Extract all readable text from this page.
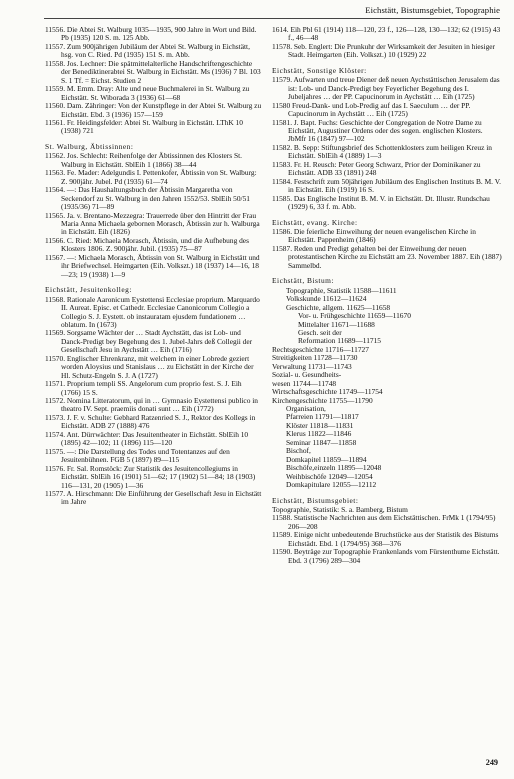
Eichstätt, Bistumsgebiet, Topographie

11556. Die Abtei St. Walburg 1035—1935, 900 Jahre in Wort und Bild. Pb (1935) 120 S. m. 125 Abb.

11557. Zum 900jährigen Jubiläum der Abtei St. Walburg in Eichstätt, hsg. von C. Ried. Pd (1935) 151 S. m. Abb.

11558. Jos. Lechner: Die spätmittelalterliche Handschriftengeschichte der Benediktinerabtei St. Walburg in Eichstätt. Ms (1936) 7 Bl. 103 S. 1 Tf. = Eichst. Studien 2

11559. M. Emm. Dray: Alte und neue Buchmalerei in St. Walburg zu Eichstätt. St. Wiborada 3 (1936) 61—68

11560. Dam. Zähringer: Von der Kunstpflege in der Abtei St. Walburg zu Eichstätt. Ebd. 3 (1936) 157—159

11561. Fr. Heidingsfelder: Abtei St. Walburg in Eichstätt. LThK 10 (1938) 721

St. Walburg, Äbtissinnen:

11562. Jos. Schlecht: Reihenfolge der Äbtissinnen des Klosters St. Walburg in Eichstätt. SblEih 1 (1866) 38—44

11563. Fe. Mader: Adelgundis I. Pettenkofer, Äbtissin von St. Walburg: Z. 900jähr. Jubel. Pd (1935) 61—74

11564. —: Das Haushaltungsbuch der Äbtissin Margaretha von Seckendorf zu St. Walburg in den Jahren 1552/53. SblEih 50/51 (1935/36) 71—89

11565. Ja. v. Brentano-Mezzegra: Trauerrede über den Hintritt der Frau Maria Anna Michaela gebornen Morasch, Äbtissin zur h. Walburga in Eichstätt. Eih (1826)

11566. C. Ried: Michaela Morasch, Äbtissin, und die Aufhebung des Klosters 1806. Z. 900jähr. Jubil. (1935) 75—87

11567. —: Michaela Morasch, Äbtissin von St. Walburg in Eichstätt und ihr Briefwechsel. Heimgarten (Eih. Volkszt.) 18 (1937) 14—16, 18—23; 19 (1938) 1—9

Eichstätt, Jesuitenkolleg:

11568. Rationale Aaronicum Eystettensi Ecclesiae proprium. Marquardo II. Aureat. Episc. et Cathedr. Ecclesiae Canonicorum Collegio a Collegio S. J. Eystett. ob instauratam ejusdem fundationem … oblatum. In (1673)

11569. Sorgsame Wächter der … Stadt Aychstätt, das ist Lob- und Danck-Predigt bey Begehung des 1. Jubel-Jahrs deß Collegii der Gesellschaft Jesu in Aychstätt … Eih (1716)

11570. Englischer Ehrenkranz, mit welchem in einer Lobrede geziert worden Aloysius und Stanislaus … zu Eichstätt in der Kirche der Hl. Schutz-Engeln S. J. A (1727)

11571. Proprium templi SS. Angelorum cum proprio fest. S. J. Eih (1766) 15 S.

11572. Nomina Litteratorum, qui in … Gymnasio Eystettensi publico in theatro IV. Sept. praemiis donati sunt … Eih (1772)

11573. J. F. v. Schulte: Gebhard Ratzenried S. J., Rektor des Kollegs in Eichstätt. ADB 27 (1888) 476

11574. Ant. Dürrwächter: Das Jesuitentheater in Eichstätt. SblEih 10 (1895) 42—102; 11 (1896) 115—120

11575. —: Die Darstellung des Todes und Totentanzes auf den Jesuitenbühnen. FGB 5 (1897) 89—115

11576. Fr. Sal. Romstöck: Zur Statistik des Jesuitencollegiums in Eichstätt. SblEih 16 (1901) 51—62; 17 (1902) 51—84; 18 (1903) 116—131, 20 (1905) 1—36

11577. A. Hirschmann: Die Einführung der Gesellschaft Jesu in Eichstätt im Jahre

1614. Eih Pbl 61 (1914) 118—120, 23 f., 126—128, 130—132; 62 (1915) 43 f., 46—48

11578. Seb. Englert: Die Prunkuhr der Wirksamkeit der Jesuiten in hiesiger Stadt. Heimgarten (Eih. Volkszt.) 10 (1929) 22

Eichstätt, Sonstige Klöster:

11579. Aufwarten und treue Diener deß neuen Aychstättischen Jerusalem das ist: Lob- und Danck-Predigt bey Feyerlicher Begehung des I. Jubeljahres … der PP. Capucinorum in Aychstätt … Eih (1725)

11580 Freud-Dank- und Lob-Predig auf das I. Saeculum … der PP. Capucinorum in Aychstätt … Eih (1725)

11581. J. Bapt. Fuchs: Geschichte der Congregation de Notre Dame zu Eichstätt, Augustiner Ordens oder des sogen. englischen Klosters. JbMfr 16 (1847) 97—102

11582. B. Sepp: Stiftungsbrief des Schottenklosters zum heiligen Kreuz in Eichstätt. SblEih 4 (1889) 1—3

11583. Fr. H. Reusch: Peter Georg Schwarz, Prior der Dominikaner zu Eichstätt. ADB 33 (1891) 248

11584. Festschrift zum 50jährigen Jubiläum des Englischen Instituts B. M. V. in Eichstätt. Eih (1919) 16 S.

11585. Das Englische Institut B. M. V. in Eichstätt. Dt. Illustr. Rundschau (1929) 6, 33 f. m. Abb.

Eichstätt, evang. Kirche:

11586. Die feierliche Einweihung der neuen evangelischen Kirche in Eichstätt. Pappenheim (1846)

11587. Reden und Predigt gehalten bei der Einweihung der neuen protestantischen Kirche zu Eichstätt am 23. November 1887. Eih (1887) Sammelbd.

Eichstätt, Bistum:
Topographie, Statistik 11588—11611
Volkskunde 11612—11624
Geschichte, allgem. 11625—11658
Vor- u. Frühgeschichte 11659—11670
Mittelalter 11671—11688
Gesch. seit der
Reformation 11689—11715
Rechtsgeschichte 11716—11727
Streitigkeiten 11728—11730
Verwaltung 11731—11743
Sozial- u. Gesundheits-
wesen 11744—11748
Wirtschaftsgeschichte 11749—11754
Kirchengeschichte 11755—11790
Organisation,
Pfarreien 11791—11817
Klöster 11818—11831
Klerus 11822—11846
Seminar 11847—11858
Bischof,
Domkapitel 11859—11894
Bischöfe,einzeln 11895—12048
Weihbischöfe 12049—12054
Domkapitulare 12055—12112
Eichstätt, Bistumsgebiet:
Topographie, Statistik: S. a. Bamberg, Bistum

11588. Statistische Nachrichten aus dem Eichstättischen. FrMk 1 (1794/95) 206—208

11589. Einige nicht unbedeutende Bruchstücke aus der Statistik des Bistums Eichstädt. Ebd. 1 (1794/95) 368—376

11590. Beyträge zur Topographie Frankenlands vom Fürstenthume Eichstätt. Ebd. 3 (1796) 289—304

249
